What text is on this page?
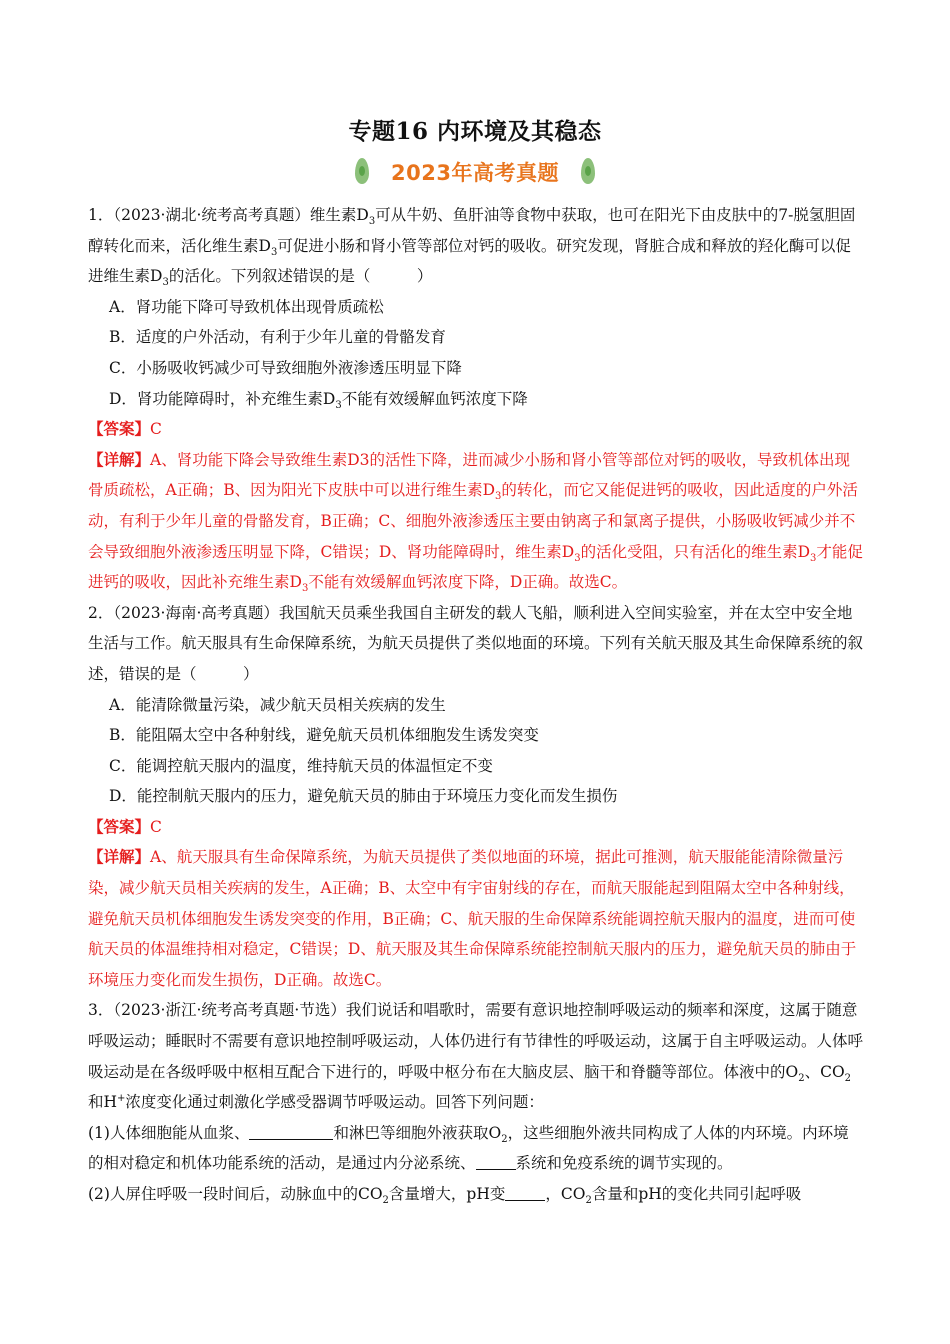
专题16 内环境及其稳态
2023年高考真题

1．（2023·湖北·统考高考真题）维生素$D_3$可从牛奶、鱼肝油等食物中获取，也可在阳光下由皮肤中的7-脱氢胆固醇转化而来，活化维生素$D_3$可促进小肠和肾小管等部位对钙的吸收。研究发现，肾脏合成和释放的羟化酶可以促进维生素$D_3$的活化。下列叙述错误的是（　　　）

A．肾功能下降可导致机体出现骨质疏松

B．适度的户外活动，有利于少年儿童的骨骼发育

C．小肠吸收钙减少可导致细胞外液渗透压明显下降

D．肾功能障碍时，补充维生素$D_3$不能有效缓解血钙浓度下降

【答案】C

【详解】A、肾功能下降会导致维生素D3的活性下降，进而减少小肠和肾小管等部位对钙的吸收，导致机体出现骨质疏松，A正确；B、因为阳光下皮肤中可以进行维生素$D_3$的转化，而它又能促进钙的吸收，因此适度的户外活动，有利于少年儿童的骨骼发育，B正确；C、细胞外液渗透压主要由钠离子和氯离子提供，小肠吸收钙减少并不会导致细胞外液渗透压明显下降，C错误；D、肾功能障碍时，维生素$D_3$的活化受阻，只有活化的维生素$D_3$才能促进钙的吸收，因此补充维生素$D_3$不能有效缓解血钙浓度下降，D正确。故选C。

2．（2023·海南·高考真题）我国航天员乘坐我国自主研发的载人飞船，顺利进入空间实验室，并在太空中安全地生活与工作。航天服具有生命保障系统，为航天员提供了类似地面的环境。下列有关航天服及其生命保障系统的叙述，错误的是（　　　）

A．能清除微量污染，减少航天员相关疾病的发生

B．能阻隔太空中各种射线，避免航天员机体细胞发生诱发突变

C．能调控航天服内的温度，维持航天员的体温恒定不变

D．能控制航天服内的压力，避免航天员的肺由于环境压力变化而发生损伤

【答案】C

【详解】A、航天服具有生命保障系统，为航天员提供了类似地面的环境，据此可推测，航天服能能清除微量污染，减少航天员相关疾病的发生，A正确；B、太空中有宇宙射线的存在，而航天服能起到阻隔太空中各种射线，避免航天员机体细胞发生诱发突变的作用，B正确；C、航天服的生命保障系统能调控航天服内的温度，进而可使航天员的体温维持相对稳定，C错误；D、航天服及其生命保障系统能控制航天服内的压力，避免航天员的肺由于环境压力变化而发生损伤，D正确。故选C。

3．（2023·浙江·统考高考真题·节选）我们说话和唱歌时，需要有意识地控制呼吸运动的频率和深度，这属于随意呼吸运动；睡眠时不需要有意识地控制呼吸运动，人体仍进行有节律性的呼吸运动，这属于自主呼吸运动。人体呼吸运动是在各级呼吸中枢相互配合下进行的，呼吸中枢分布在大脑皮层、脑干和脊髓等部位。体液中的$O_2$、$CO_2$和H+浓度变化通过刺激化学感受器调节呼吸运动。回答下列问题：

(1)人体细胞能从血浆、	和淋巴等细胞外液获取$O_2$，这些细胞外液共同构成了人体的内环境。内环境的相对稳定和机体功能系统的活动，是通过内分泌系统、	系统和免疫系统的调节实现的。

(2)人屏住呼吸一段时间后，动脉血中的$CO_2$含量增大，pH变	，$CO_2$含量和pH的变化共同引起呼吸
